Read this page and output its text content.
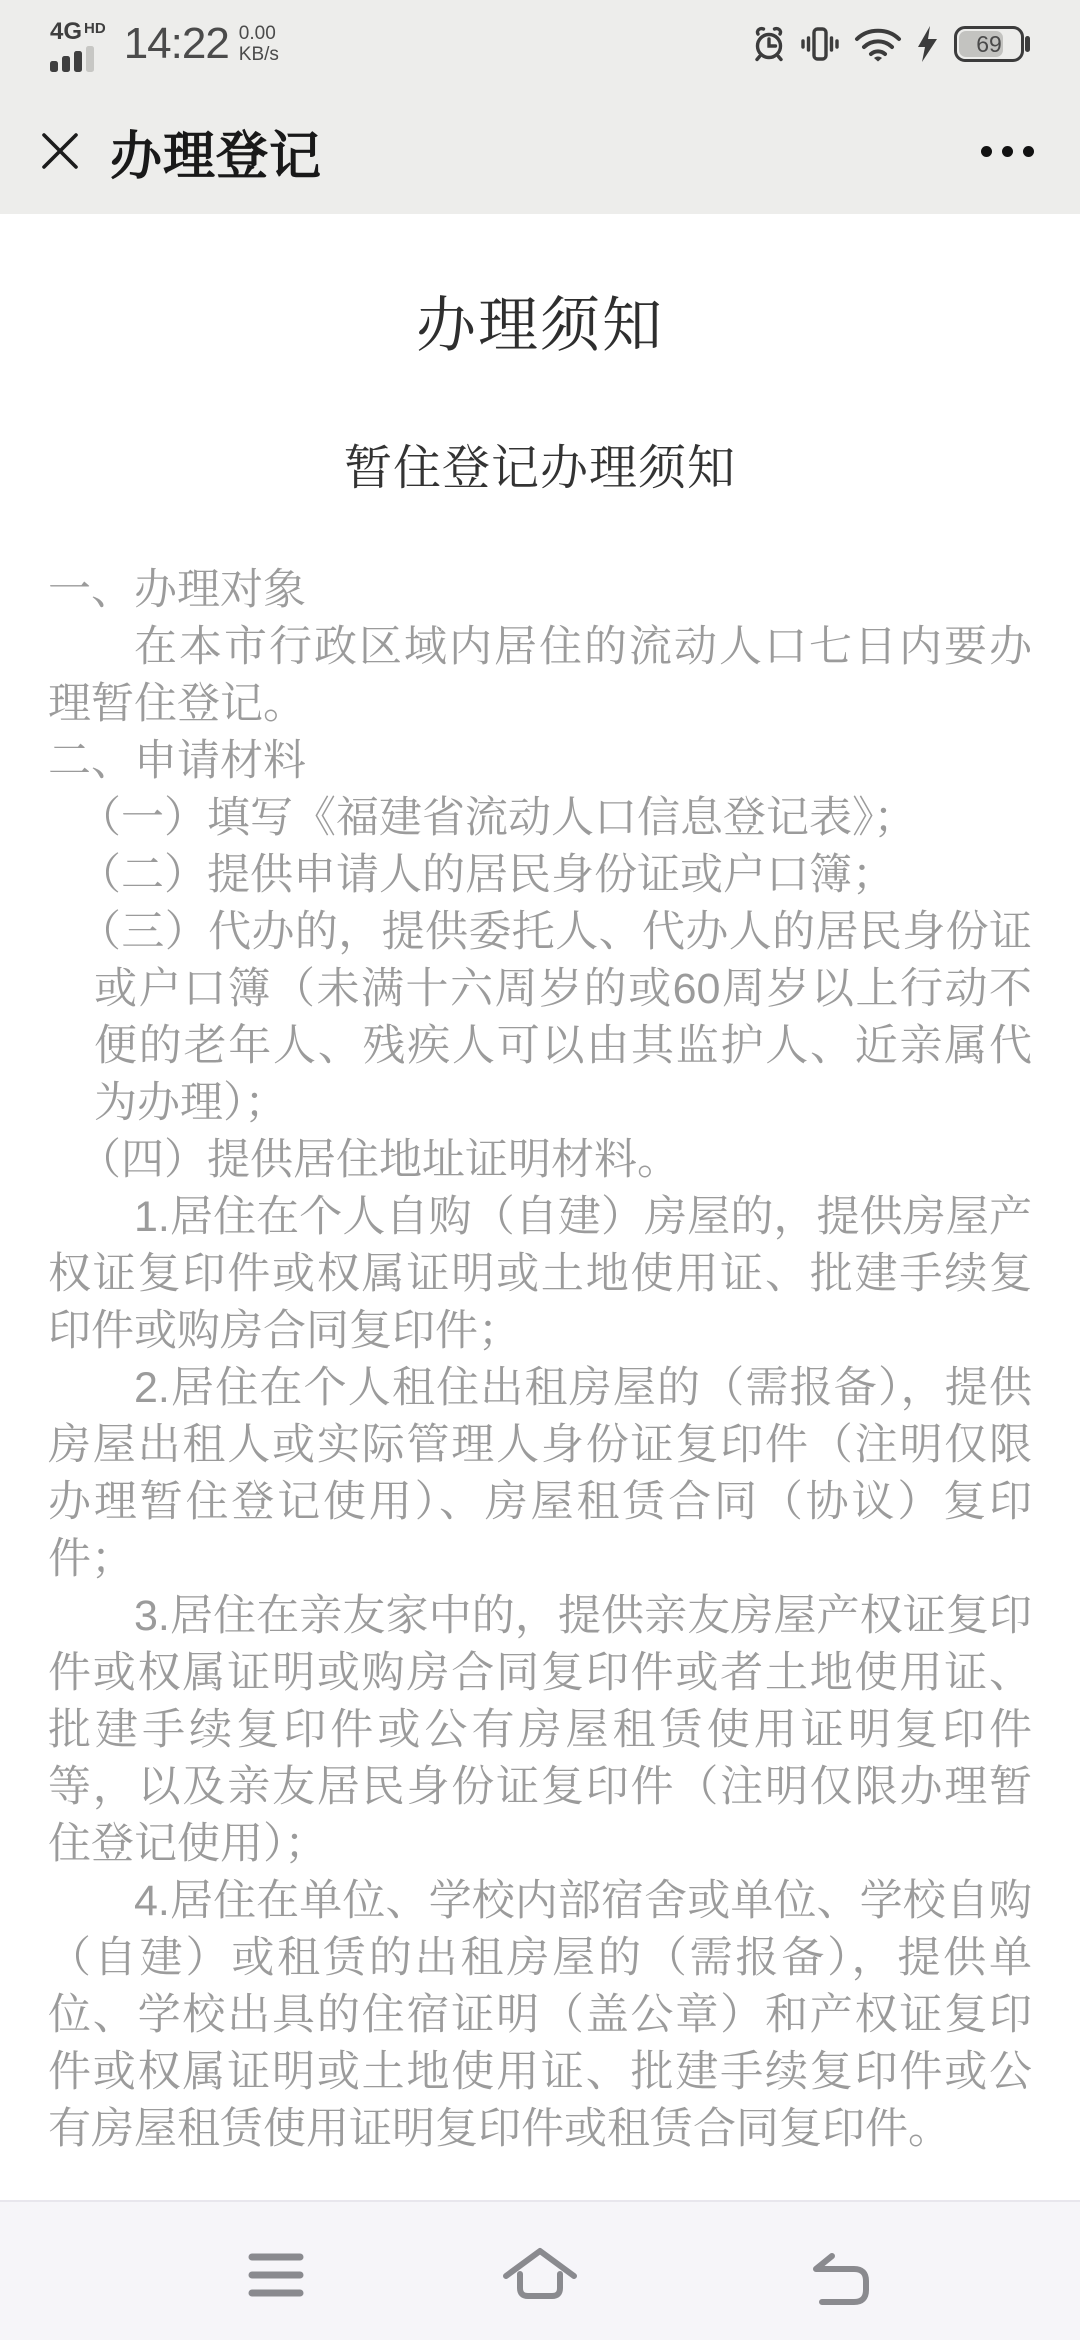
4G $^{HD}$ 14:22 0.00
KB/s	69
办理登记
办理须知
暂住登记办理须知

一、办理对象

在本市行政区域内居住的流动人口七日内要办理暂住登记。

二、申请材料

（一）填写《福建省流动人口信息登记表》；

（二）提供申请人的居民身份证或户口簿；

（三）代办的，提供委托人、代办人的居民身份证或户口簿（未满十六周岁的或60周岁以上行动不便的老年人、残疾人可以由其监护人、近亲属代为办理）；

（四）提供居住地址证明材料。

1.居住在个人自购（自建）房屋的，提供房屋产权证复印件或权属证明或土地使用证、批建手续复印件或购房合同复印件；

2.居住在个人租住出租房屋的（需报备），提供房屋出租人或实际管理人身份证复印件（注明仅限办理暂住登记使用）、房屋租赁合同（协议）复印件；

3.居住在亲友家中的，提供亲友房屋产权证复印件或权属证明或购房合同复印件或者土地使用证、批建手续复印件或公有房屋租赁使用证明复印件等，以及亲友居民身份证复印件（注明仅限办理暂住登记使用）；

4.居住在单位、学校内部宿舍或单位、学校自购（自建）或租赁的出租房屋的（需报备），提供单位、学校出具的住宿证明（盖公章）和产权证复印件或权属证明或土地使用证、批建手续复印件或公有房屋租赁使用证明复印件或租赁合同复印件。
